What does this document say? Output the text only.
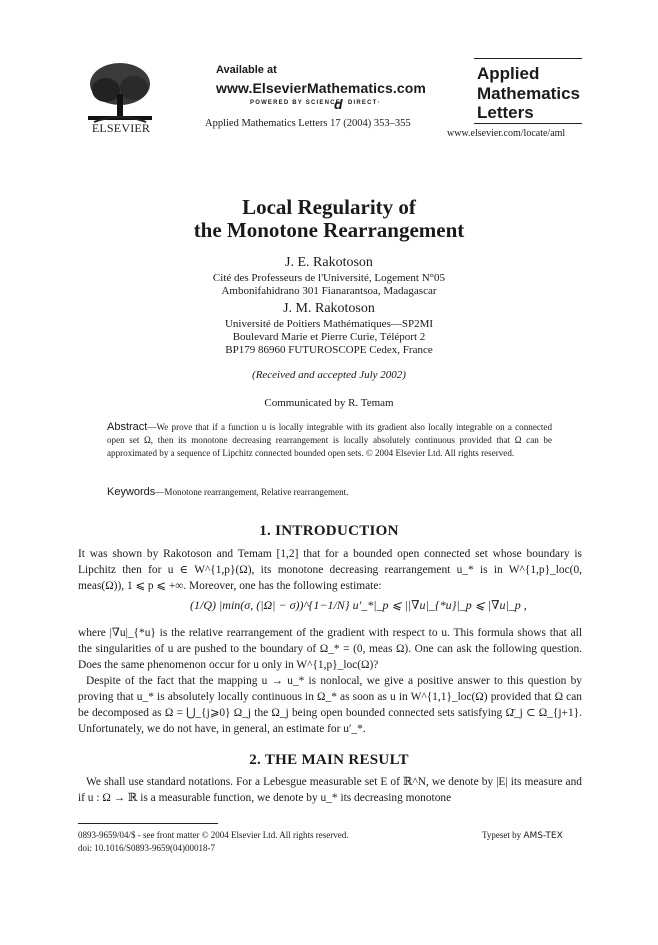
ELSEVIER
Available at
www.ElsevierMathematics.com
POWERED BY SCIENCE
d DIRECT·
Applied Mathematics Letters 17 (2004) 353–355
Applied
Mathematics
Letters
www.elsevier.com/locate/aml
Local Regularity of
the Monotone Rearrangement
J. E. Rakotoson
Cité des Professeurs de l'Université, Logement N°05
Ambonifahidrano 301 Fianarantsoa, Madagascar
J. M. Rakotoson
Université de Poitiers Mathématiques—SP2MI
Boulevard Marie et Pierre Curie, Téléport 2
BP179 86960 FUTUROSCOPE Cedex, France
(Received and accepted July 2002)
Communicated by R. Temam
Abstract—We prove that if a function u is locally integrable with its gradient also locally integrable on a connected open set Ω, then its monotone decreasing rearrangement is locally absolutely continuous provided that Ω can be approximated by a sequence of Lipchitz connected bounded open sets. © 2004 Elsevier Ltd. All rights reserved.
Keywords—Monotone rearrangement, Relative rearrangement.
1. INTRODUCTION
It was shown by Rakotoson and Temam [1,2] that for a bounded open connected set whose boundary is Lipchitz then for u ∈ W^{1,p}(Ω), its monotone decreasing rearrangement u_* is in W^{1,p}_loc(0, meas(Ω)), 1 ⩽ p ⩽ +∞. Moreover, one has the following estimate:
(1/Q) |min(σ, (|Ω| − σ))^{1−1/N} u′_*|_p ⩽ ||∇u|_{*u}|_p ⩽ |∇u|_p ,
where |∇u|_{*u} is the relative rearrangement of the gradient with respect to u. This formula shows that all the singularities of u are pushed to the boundary of Ω_* = (0, meas Ω). One can ask the following question. Does the same phenomenon occur for u only in W^{1,p}_loc(Ω)?
Despite of the fact that the mapping u → u_* is nonlocal, we give a positive answer to this question by proving that u_* is absolutely locally continuous in Ω_* as soon as u in W^{1,1}_loc(Ω) provided that Ω can be decomposed as Ω = ⋃_{j⩾0} Ω_j the Ω_j being open bounded connected sets satisfying Ω̄_j ⊂ Ω_{j+1}. Unfortunately, we do not have, in general, an estimate for u′_*.
2. THE MAIN RESULT
We shall use standard notations. For a Lebesgue measurable set E of ℝ^N, we denote by |E| its measure and if u : Ω → ℝ is a measurable function, we denote by u_* its decreasing monotone
0893-9659/04/$ - see front matter © 2004 Elsevier Ltd. All rights reserved.
doi: 10.1016/S0893-9659(04)00018-7
Typeset by AMS-TEX
